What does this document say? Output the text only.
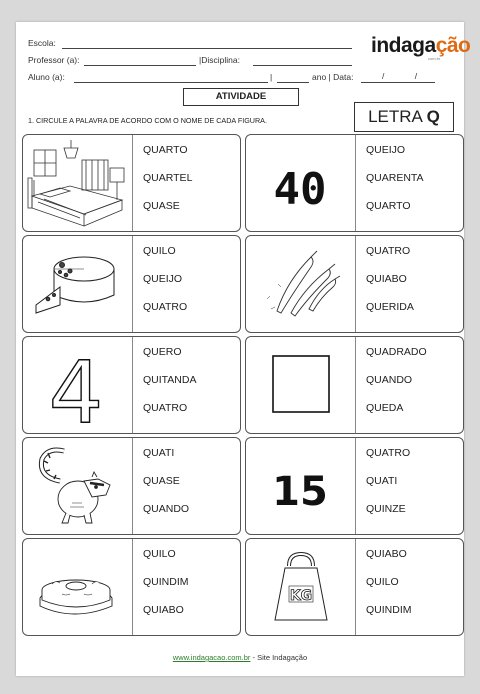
Escola:
Professor (a):	|Disciplina:
Aluno (a):	|	ano | Data:	/ /
indagação
com.br
ATIVIDADE
1. CIRCULE A PALAVRA DE ACORDO COM O NOME DE CADA FIGURA.	LETRA Q
QUARTO
QUARTEL
QUASE 40
QUEIJO
QUARENTA
QUARTO
QUILO
QUEIJO
QUATRO
QUATRO
QUIABO
QUERIDA
4	QUERO
QUITANDA
QUATRO
QUADRADO
QUANDO
QUEDA
QUATI
QUASE
QUANDO 15
QUATRO
QUATI
QUINZE
QUILO
QUINDIM
QUIABO
KG
QUIABO
QUILO
QUINDIM
www.indagacao.com.br - Site Indagação
